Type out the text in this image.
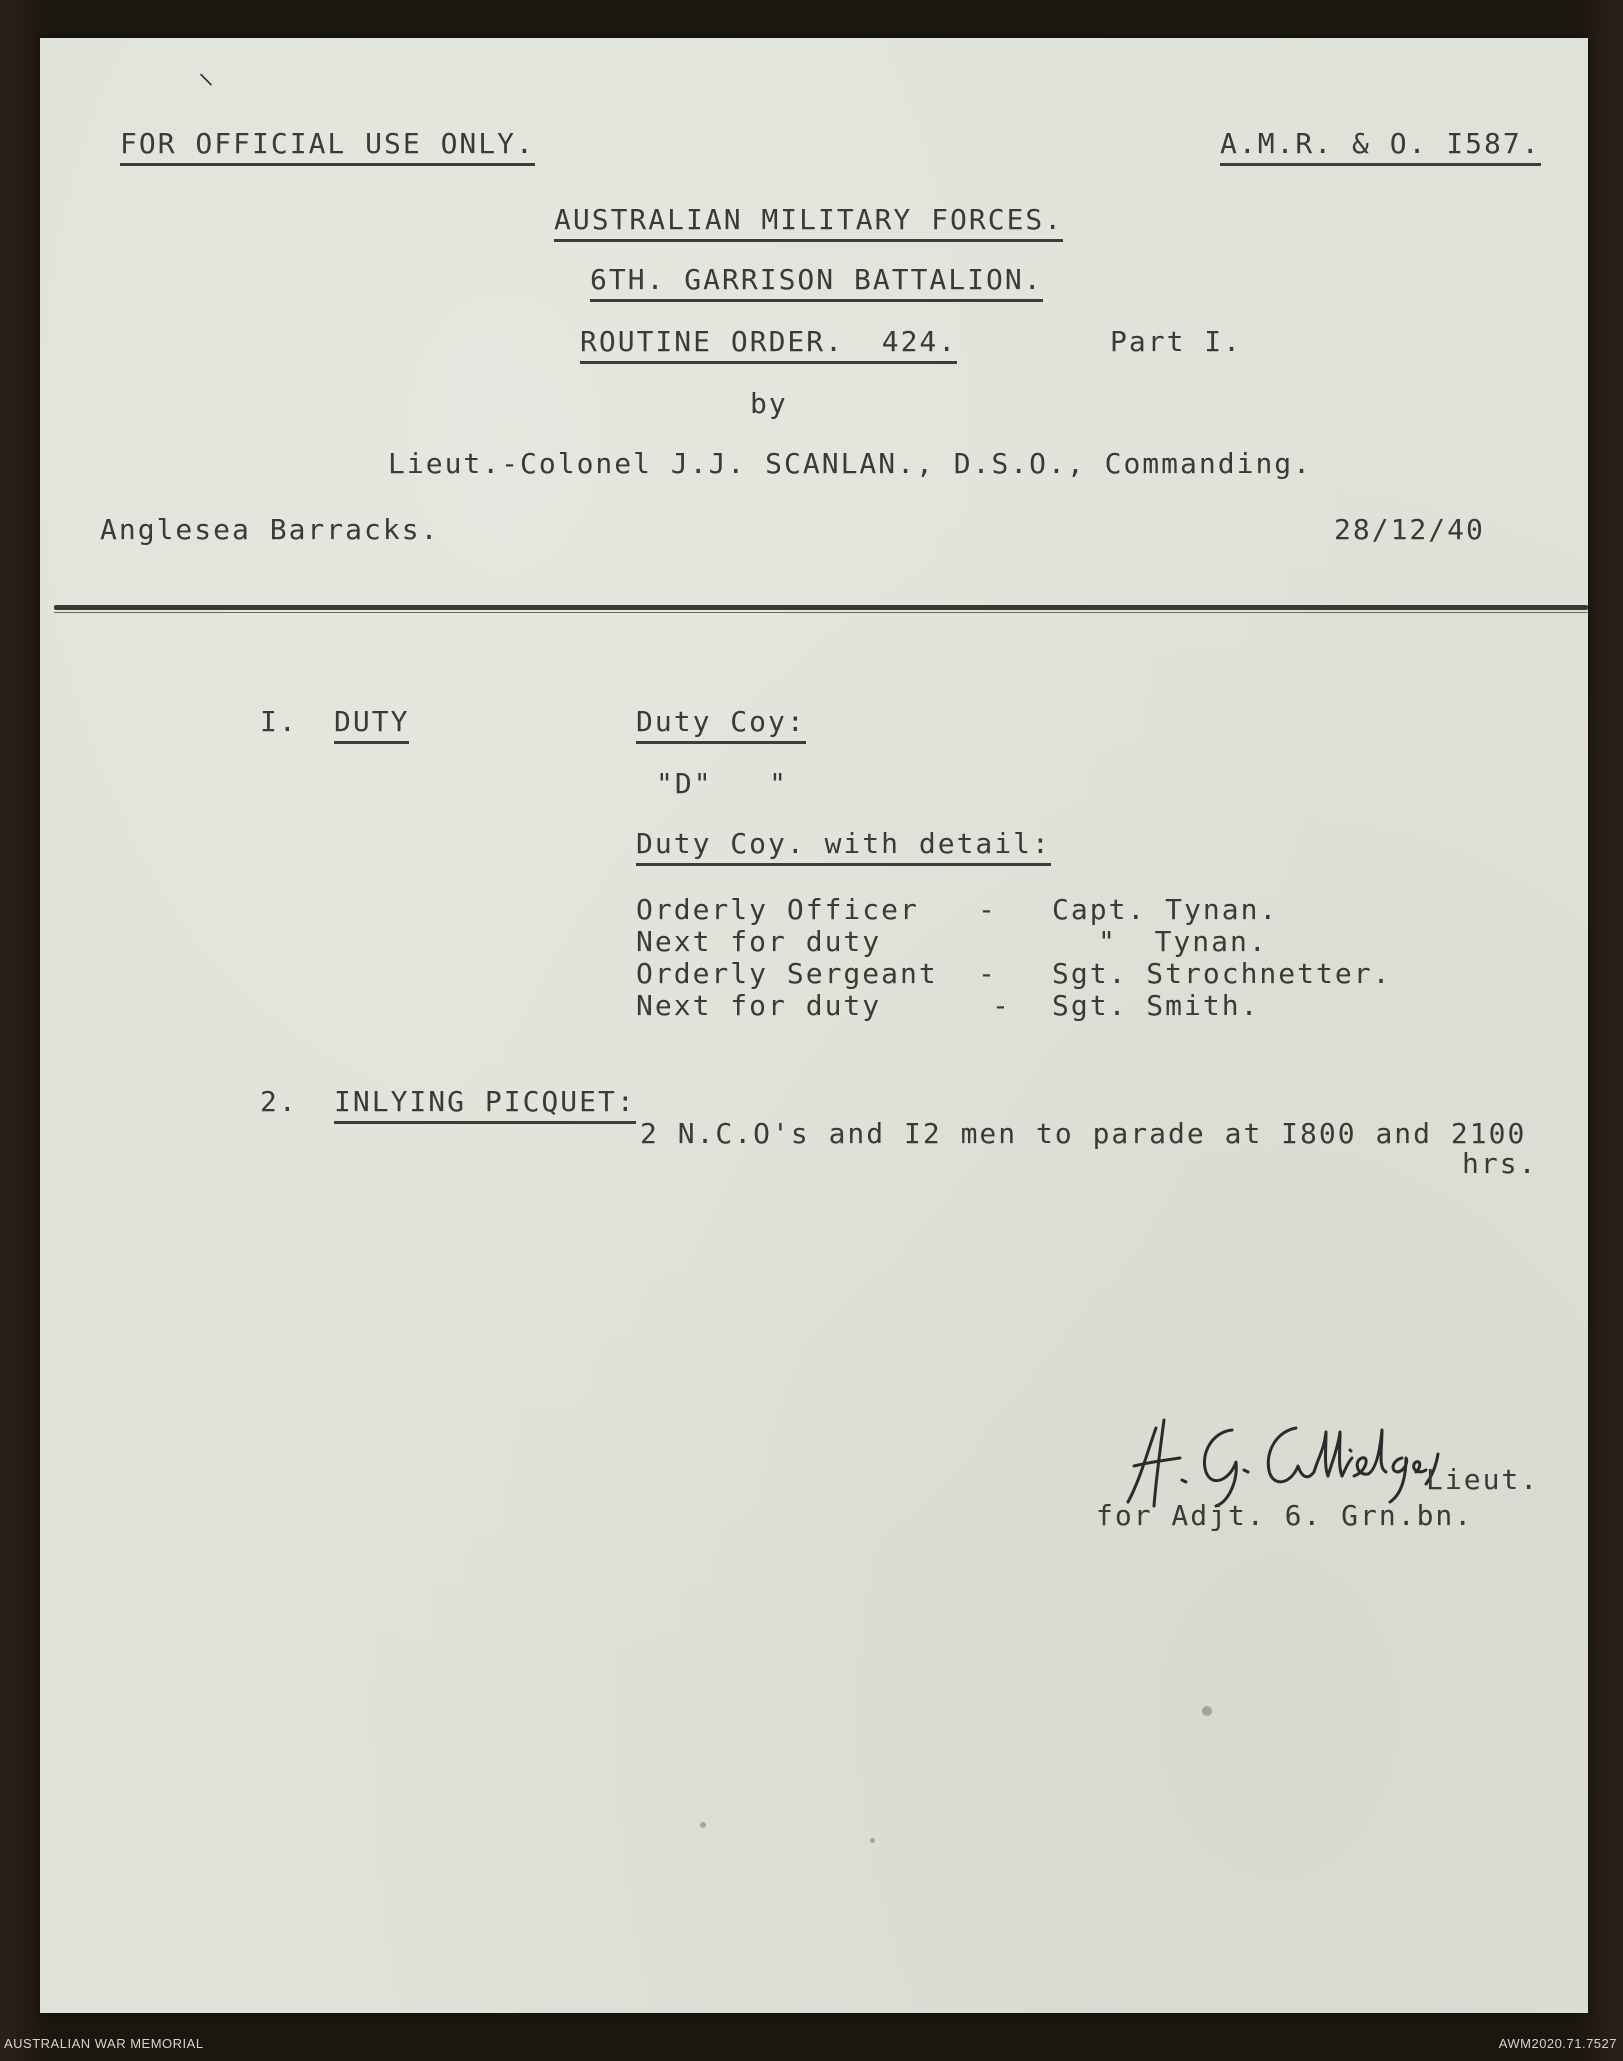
⸜
FOR OFFICIAL USE ONLY.	A.M.R. & O. I587.
AUSTRALIAN MILITARY FORCES.
6TH. GARRISON BATTALION.
ROUTINE ORDER.  424.	Part I.
by
Lieut.-Colonel J.J. SCANLAN., D.S.O., Commanding.
Anglesea Barracks.	28/12/40
I. DUTY	Duty Coy:
"D"   "
Duty Coy. with detail:
Orderly Officer - Capt. Tynan.
Next for duty	"  Tynan.
Orderly Sergeant - Sgt. Strochnetter.
Next for duty	- Sgt. Smith.
2. INLYING PICQUET:
2 N.C.O's and I2 men to parade at I800 and 2100
hrs.
Lieut.
for Adjt. 6. Grn.bn.
AUSTRALIAN WAR MEMORIAL	AWM2020.71.7527
